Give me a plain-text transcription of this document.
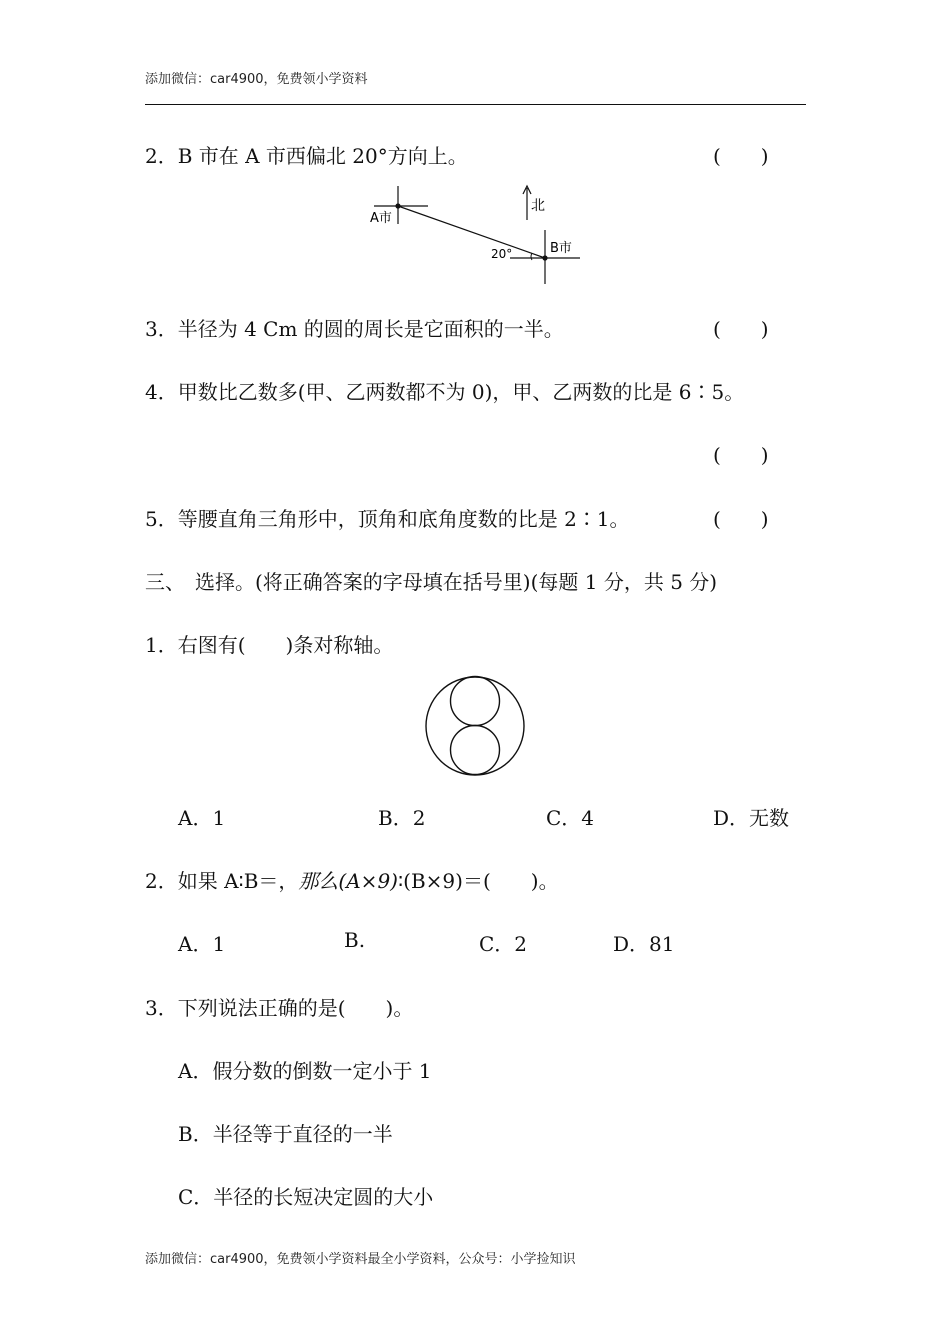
添加微信：car4900，免费领小学资料
2．B 市在 A 市西偏北 20°方向上。	(　　)
A市
B市
20°
北
3．半径为 4 Cm 的圆的周长是它面积的一半。	(　　)
4．甲数比乙数多(甲、乙两数都不为 0)，甲、乙两数的比是 6∶5。
(　　)
5．等腰直角三角形中，顶角和底角度数的比是 2∶1。	(　　)
三、　选择。(将正确答案的字母填在括号里)(每题 1 分，共 5 分)
1．右图有(　　)条对称轴。
A．1	B．2	C．4	D．无数
2．如果 A∶B＝，那么(A×9)∶(B×9)＝(　　)。
A．1	B.	C．2	D．81
3．下列说法正确的是(　　)。
A．假分数的倒数一定小于 1
B．半径等于直径的一半
C．半径的长短决定圆的大小
添加微信：car4900，免费领小学资料最全小学资料，公众号：小学捡知识
